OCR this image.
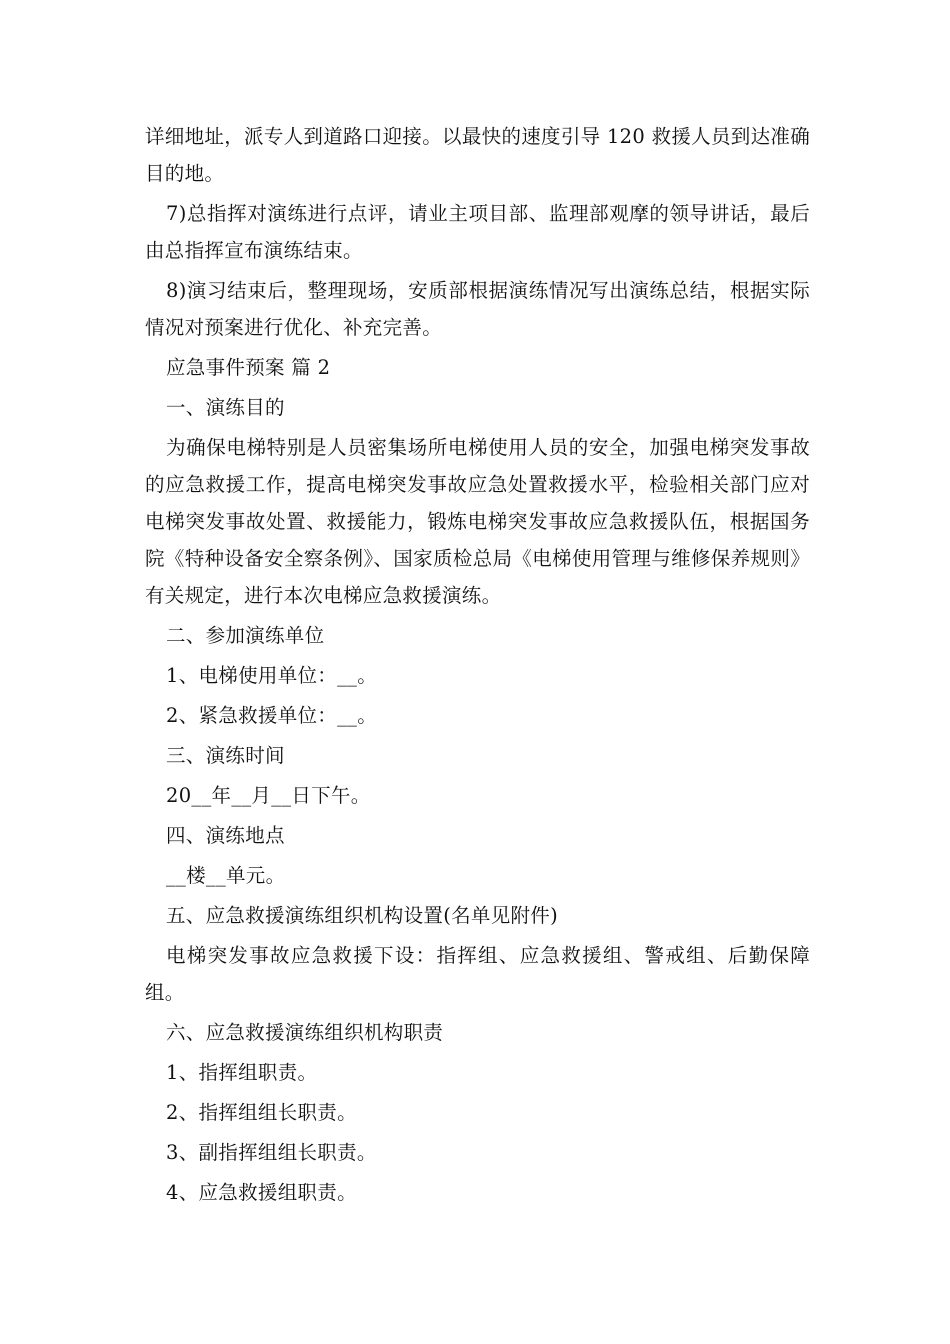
详细地址，派专人到道路口迎接。以最快的速度引导 120 救援人员到达准确目的地。

7)总指挥对演练进行点评，请业主项目部、监理部观摩的领导讲话，最后由总指挥宣布演练结束。

8)演习结束后，整理现场，安质部根据演练情况写出演练总结，根据实际情况对预案进行优化、补充完善。

应急事件预案 篇 2

一、演练目的

为确保电梯特别是人员密集场所电梯使用人员的安全，加强电梯突发事故的应急救援工作，提高电梯突发事故应急处置救援水平，检验相关部门应对电梯突发事故处置、救援能力，锻炼电梯突发事故应急救援队伍，根据国务院《特种设备安全察条例》、国家质检总局《电梯使用管理与维修保养规则》有关规定，进行本次电梯应急救援演练。

二、参加演练单位

1、电梯使用单位：__。

2、紧急救援单位：__。

三、演练时间

20__年__月__日下午。

四、演练地点

__楼__单元。

五、应急救援演练组织机构设置(名单见附件)

电梯突发事故应急救援下设：指挥组、应急救援组、警戒组、后勤保障组。

六、应急救援演练组织机构职责

1、指挥组职责。

2、指挥组组长职责。

3、副指挥组组长职责。

4、应急救援组职责。
